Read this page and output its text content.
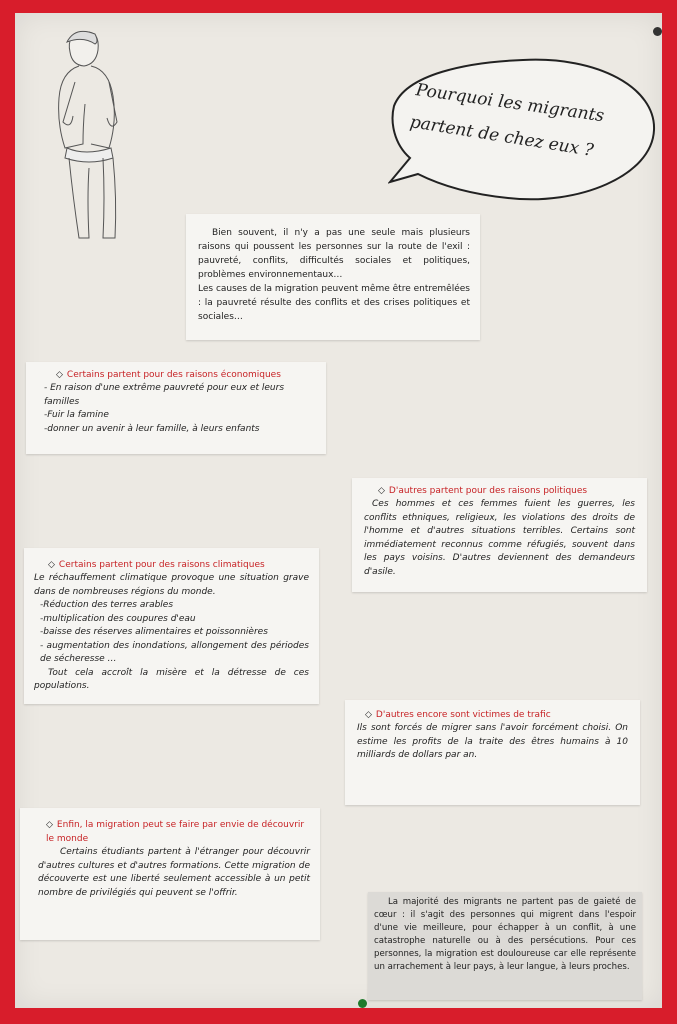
Pourquoi les migrants
partent de chez eux ?

Bien souvent, il n'y a pas une seule mais plusieurs raisons qui poussent les personnes sur la route de l'exil : pauvreté, conflits, difficultés sociales et politiques, problèmes environnementaux…

Les causes de la migration peuvent même être entremêlées : la pauvreté résulte des conflits et des crises politiques et sociales…

◇ Certains partent pour des raisons économiques
- En raison d'une extrême pauvreté pour eux et leurs familles
-Fuir la famine
-donner un avenir à leur famille, à leurs enfants
◇ D'autres partent pour des raisons politiques
Ces hommes et ces femmes fuient les guerres, les conflits ethniques, religieux, les violations des droits de l'homme et d'autres situations terribles. Certains sont immédiatement reconnus comme réfugiés, souvent dans les pays voisins. D'autres deviennent des demandeurs d'asile.
◇ Certains partent pour des raisons climatiques
Le réchauffement climatique provoque une situation grave dans de nombreuses régions du monde.
-Réduction des terres arables
-multiplication des coupures d'eau
-baisse des réserves alimentaires et poissonnières
- augmentation des inondations, allongement des périodes de sécheresse …
Tout cela accroît la misère et la détresse de ces populations.
◇ D'autres encore sont victimes de trafic
Ils sont forcés de migrer sans l'avoir forcément choisi. On estime les profits de la traite des êtres humains à 10 milliards de dollars par an.
◇ Enfin, la migration peut se faire par envie de découvrir le monde
Certains étudiants partent à l'étranger pour découvrir d'autres cultures et d'autres formations. Cette migration de découverte est une liberté seulement accessible à un petit nombre de privilégiés qui peuvent se l'offrir.

La majorité des migrants ne partent pas de gaieté de cœur : il s'agit des personnes qui migrent dans l'espoir d'une vie meilleure, pour échapper à un conflit, à une catastrophe naturelle ou à des persécutions. Pour ces personnes, la migration est douloureuse car elle représente un arrachement à leur pays, à leur langue, à leurs proches.
